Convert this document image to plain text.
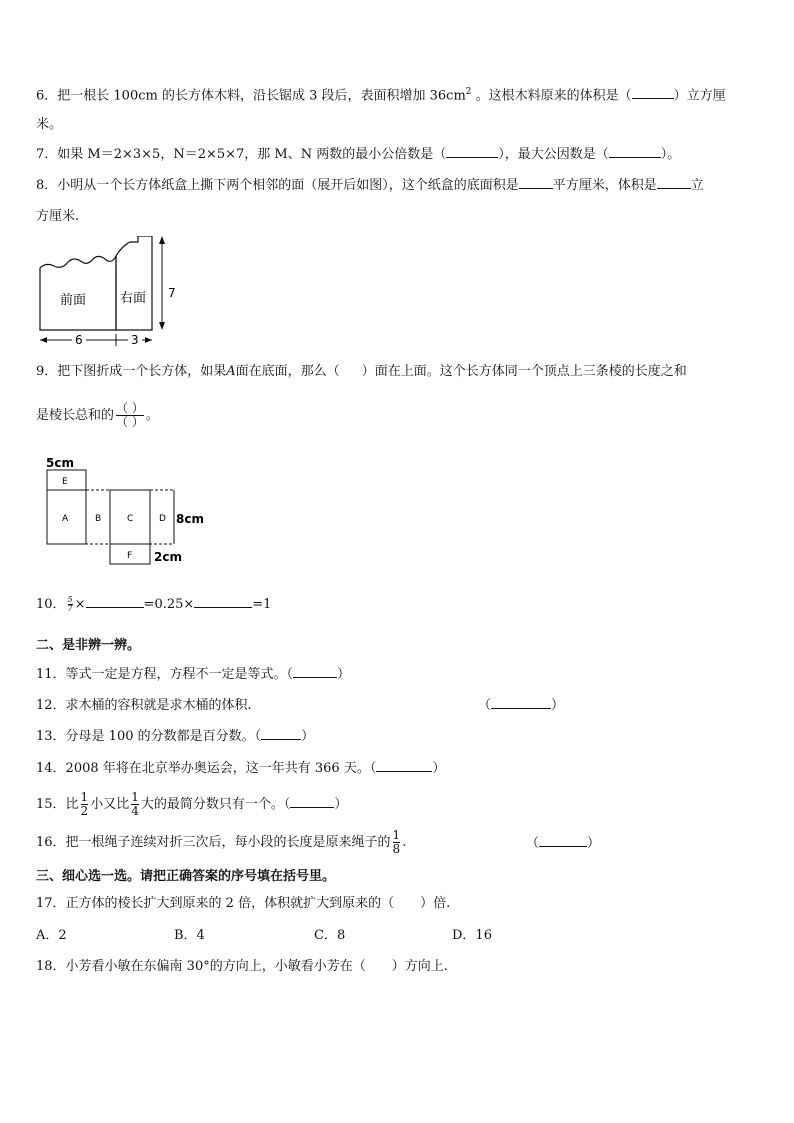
6．把一根长 100cm 的长方体木料，沿长锯成 3 段后，表面积增加 $36cm^2$ 。这根木料原来的体积是（	）立方厘
米。
7．如果 M＝2×3×5，N＝2×5×7，那 M、N 两数的最小公倍数是（	），最大公因数是（	）。
8．小明从一个长方体纸盒上撕下两个相邻的面（展开后如图），这个纸盒的底面积是	平方厘米，体积是	立
方厘米.
前面	右面 7
6	3
9．把下图折成一个长方体，如果A面在底面，那么（ ）面在上面。这个长方体同一个顶点上三条棱的长度之和
是棱长总和的 $\frac{( )}{( )}$ 。
5cm
E
A	B	C	D 8cm
F 2cm
10． $\frac{5}{7}$ ×	=0.25×	=1
二、是非辨一辨。
11．等式一定是方程，方程不一定是等式。（	）
12．求木桶的容积就是求木桶的体积.	（	）
13．分母是 100 的分数都是百分数。（	）
14．2008 年将在北京举办奥运会，这一年共有 366 天。（	）
15．比 $\frac{1}{2}$ 小又比 $\frac{1}{4}$ 大的最简分数只有一个。（	）
16．把一根绳子连续对折三次后，每小段的长度是原来绳子的 $\frac{1}{8}$ .	（	）
三、细心选一选。请把正确答案的序号填在括号里。
17．正方体的棱长扩大到原来的 2 倍，体积就扩大到原来的（　　）倍.
A．2	B．4	C．8	D．16
18．小芳看小敏在东偏南 30°的方向上，小敏看小芳在（　　）方向上.
